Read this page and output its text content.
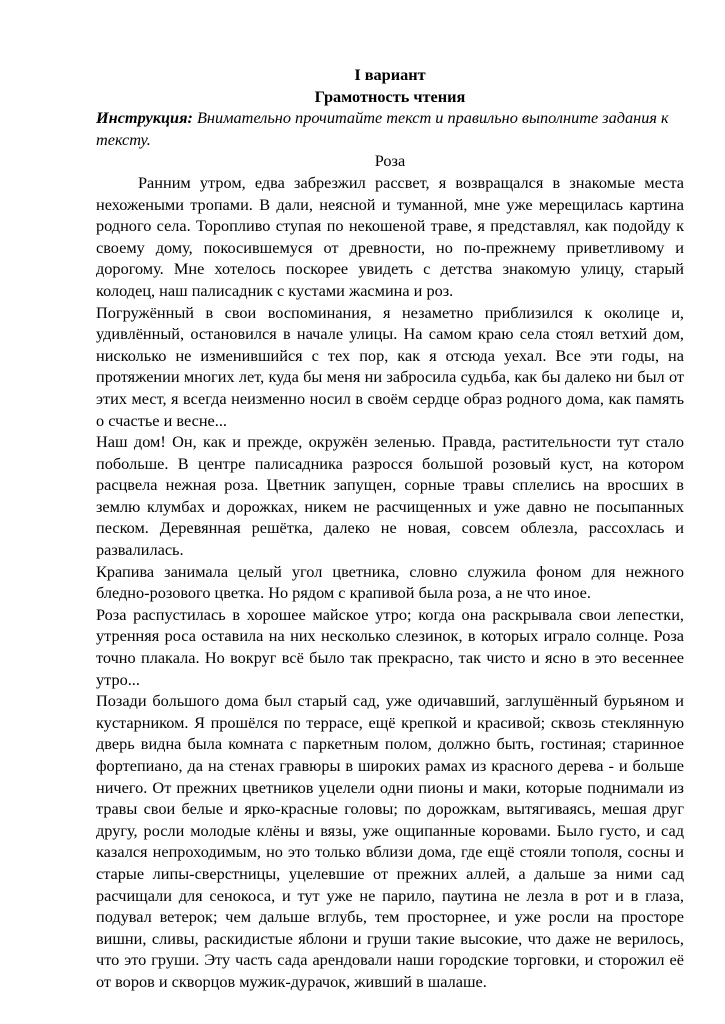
I вариант

Грамотность чтения

Инструкция: Внимательно прочитайте текст и правильно выполните задания к тексту.

Роза

Ранним утром, едва забрезжил рассвет, я возвращался в знакомые места нехожеными тропами. В дали, неясной и туманной, мне уже мерещилась картина родного села. Торопливо ступая по некошеной траве, я представлял, как подойду к своему дому, покосившемуся от древности, но по-прежнему приветливому и дорогому. Мне хотелось поскорее увидеть с детства знакомую улицу, старый колодец, наш палисадник с кустами жасмина и роз.

Погружённый в свои воспоминания, я незаметно приблизился к околице и, удивлённый, остановился в начале улицы. На самом краю села стоял ветхий дом, нисколько не изменившийся с тех пор, как я отсюда уехал. Все эти годы, на протяжении многих лет, куда бы меня ни забросила судьба, как бы далеко ни был от этих мест, я всегда неизменно носил в своём сердце образ родного дома, как память о счастье и весне...

Наш дом! Он, как и прежде, окружён зеленью. Правда, растительности тут стало побольше. В центре палисадника разросся большой розовый куст, на котором расцвела нежная роза. Цветник запущен, сорные травы сплелись на вросших в землю клумбах и дорожках, никем не расчищенных и уже давно не посыпанных песком. Деревянная решётка, далеко не новая, совсем облезла, рассохлась и развалилась.

Крапива занимала целый угол цветника, словно служила фоном для нежного бледно-розового цветка. Но рядом с крапивой была роза, а не что иное.

Роза распустилась в хорошее майское утро; когда она раскрывала свои лепестки, утренняя роса оставила на них несколько слезинок, в которых играло солнце. Роза точно плакала. Но вокруг всё было так прекрасно, так чисто и ясно в это весеннее утро...

Позади большого дома был старый сад, уже одичавший, заглушённый бурьяном и кустарником. Я прошёлся по террасе, ещё крепкой и красивой; сквозь стеклянную дверь видна была комната с паркетным полом, должно быть, гостиная; старинное фортепиано, да на стенах гравюры в широких рамах из красного дерева - и больше ничего. От прежних цветников уцелели одни пионы и маки, которые поднимали из травы свои белые и ярко-красные головы; по дорожкам, вытягиваясь, мешая друг другу, росли молодые клёны и вязы, уже ощипанные коровами. Было густо, и сад казался непроходимым, но это только вблизи дома, где ещё стояли тополя, сосны и старые липы-сверстницы, уцелевшие от прежних аллей, а дальше за ними сад расчищали для сенокоса, и тут уже не парило, паутина не лезла в рот и в глаза, подувал ветерок; чем дальше вглубь, тем просторнее, и уже росли на просторе вишни, сливы, раскидистые яблони и груши такие высокие, что даже не верилось, что это груши. Эту часть сада арендовали наши городские торговки, и сторожил её от воров и скворцов мужик-дурачок, живший в шалаше.
